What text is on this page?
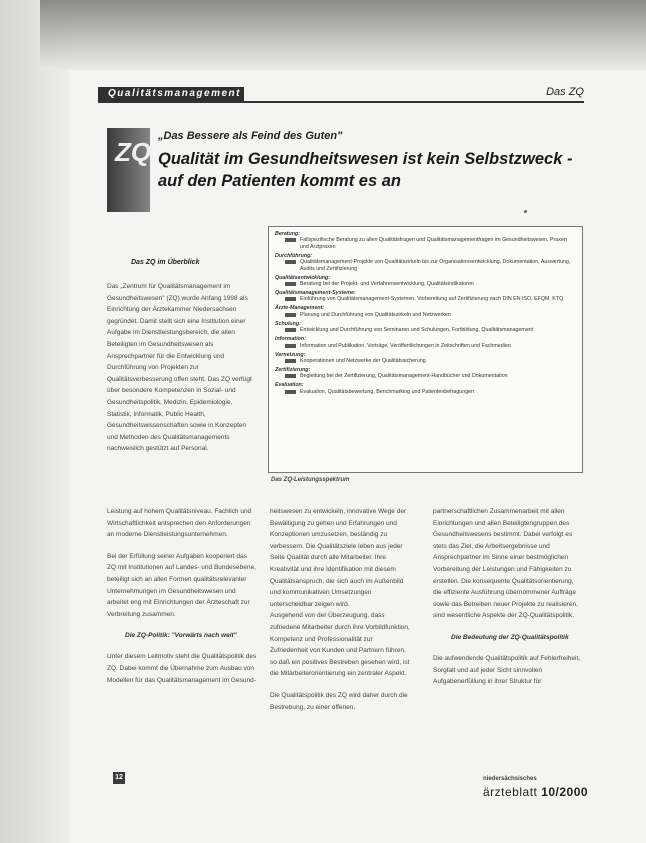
Qualitätsmanagement	Das ZQ
ZQ
„Das Bessere als Feind des Guten"
Qualität im Gesundheitswesen ist kein Selbstzweck - auf den Patienten kommt es an
Das ZQ im Überblick

Das „Zentrum für Qualitätsmanagement im Gesundheitswesen" (ZQ) wurde Anfang 1998 als Einrichtung der Ärztekammer Niedersachsen gegründet. Damit stellt sich eine Institution einer Aufgabe im Dienstleistungsbereich, die allen Beteiligten im Gesundheitswesen als Ansprechpartner für die Entwicklung und Durchführung von Projekten zur Qualitätsverbesserung offen steht. Das ZQ verfügt über besondere Kompetenzen in Sozial- und Gesundheitspolitik, Medizin, Epidemiologie, Statistik, Informatik, Public Health, Gesundheitswissenschaften sowie in Konzepten und Methoden des Qualitätsmanagements nachweislich gestützt auf Personal.

Beratung:
Fallspezifische Beratung zu allen Qualitätsfragen und Qualitätsmanagementfragen im Gesundheitswesen, Praxen und Arztpraxen
Durchführung:
Qualitätsmanagement-Projekte von Qualitätszirkeln bis zur Organisationsentwicklung, Dokumentation, Auswertung, Audits und Zertifizierung
Qualitätsentwicklung:
Beratung bei der Projekt- und Verfahrensentwicklung, Qualitätsindikatoren
Qualitätsmanagement-Systeme:
Einführung von Qualitätsmanagement-Systemen, Vorbereitung auf Zertifizierung nach DIN EN ISO, EFQM, KTQ
Ärzte-Management:
Planung und Durchführung von Qualitätszirkeln und Netzwerken
Schulung:
Entwicklung und Durchführung von Seminaren und Schulungen, Fortbildung, Qualitätsmanagement
Information:
Information und Publikation, Vorträge, Veröffentlichungen in Zeitschriften und Fachmedien
Vernetzung:
Kooperationen und Netzwerke der Qualitätssicherung
Zertifizierung:
Begleitung bei der Zertifizierung, Qualitätsmanagement-Handbücher und Dokumentation
Evaluation:
Evaluation, Qualitätsbewertung, Benchmarking und Patientenbefragungen
Das ZQ-Leistungsspektrum

Leistung auf hohem Qualitätsniveau. Fachlich und Wirtschaftlichkeit entsprechen den Anforderungen an moderne Dienstleistungsunternehmen.

Bei der Erfüllung seiner Aufgaben kooperiert das ZQ mit Institutionen auf Landes- und Bundesebene, beteiligt sich an allen Formen qualitätsrelevanter Unternehmungen im Gesundheitswesen und arbeitet eng mit Einrichtungen der Ärzteschaft zur Verbreitung zusammen.

Die ZQ-Politik: "Vorwärts nach weit"

Unter diesem Leitmotiv steht die Qualitätspolitik des ZQ. Dabei kommt die Übernahme zum Ausbau von Modellen für das Qualitätsmanagement im Gesund-

heitswesen zu entwickeln, innovative Wege der Bewältigung zu gehen und Erfahrungen und Konzeptionen umzusetzen, beständig zu verbessern. Die Qualitätsziele leben aus jeder Seite Qualität durch alle Mitarbeiter. Ihre Kreativität und ihre Identifikation mit diesem Qualitätsanspruch, die sich auch im Außenbild und kommunikativen Umsetzungen unterscheidbar zeigen wird.

Ausgehend von der Überzeugung, dass zufriedene Mitarbeiter durch ihre Vorbildfunktion, Kompetenz und Professionalität zur Zufriedenheit von Kunden und Partnern führen, so daß ein positives Bestreben gesehen wird, ist die Mitarbeiterorientierung ein zentraler Aspekt.

Die Qualitätspolitik des ZQ wird daher durch die Bestrebung, zu einer offenen,

partnerschaftlichen Zusammenarbeit mit allen Einrichtungen und allen Beteiligtengruppen des Gesundheitswesens bestimmt. Dabei verfolgt es stets das Ziel, die Arbeitsergebnisse und Ansprechpartner im Sinne einer bestmöglichen Vorbereitung der Leistungen und Fähigkeiten zu erstellen. Die konsequente Qualitätsorientierung, die effiziente Ausführung übernommener Aufträge sowie das Betreiben neuer Projekte zu realisieren, sind wesentliche Aspekte der ZQ-Qualitätspolitik.

Die Bedeutung der ZQ-Qualitätspolitik

Die aufwendende Qualitätspolitik auf Fehlerfreiheit, Sorgfalt und auf jeder Sicht sinnvollen Aufgabenerfüllung in ihrer Struktur für

12	niedersächsisches
ärzteblatt 10/2000
